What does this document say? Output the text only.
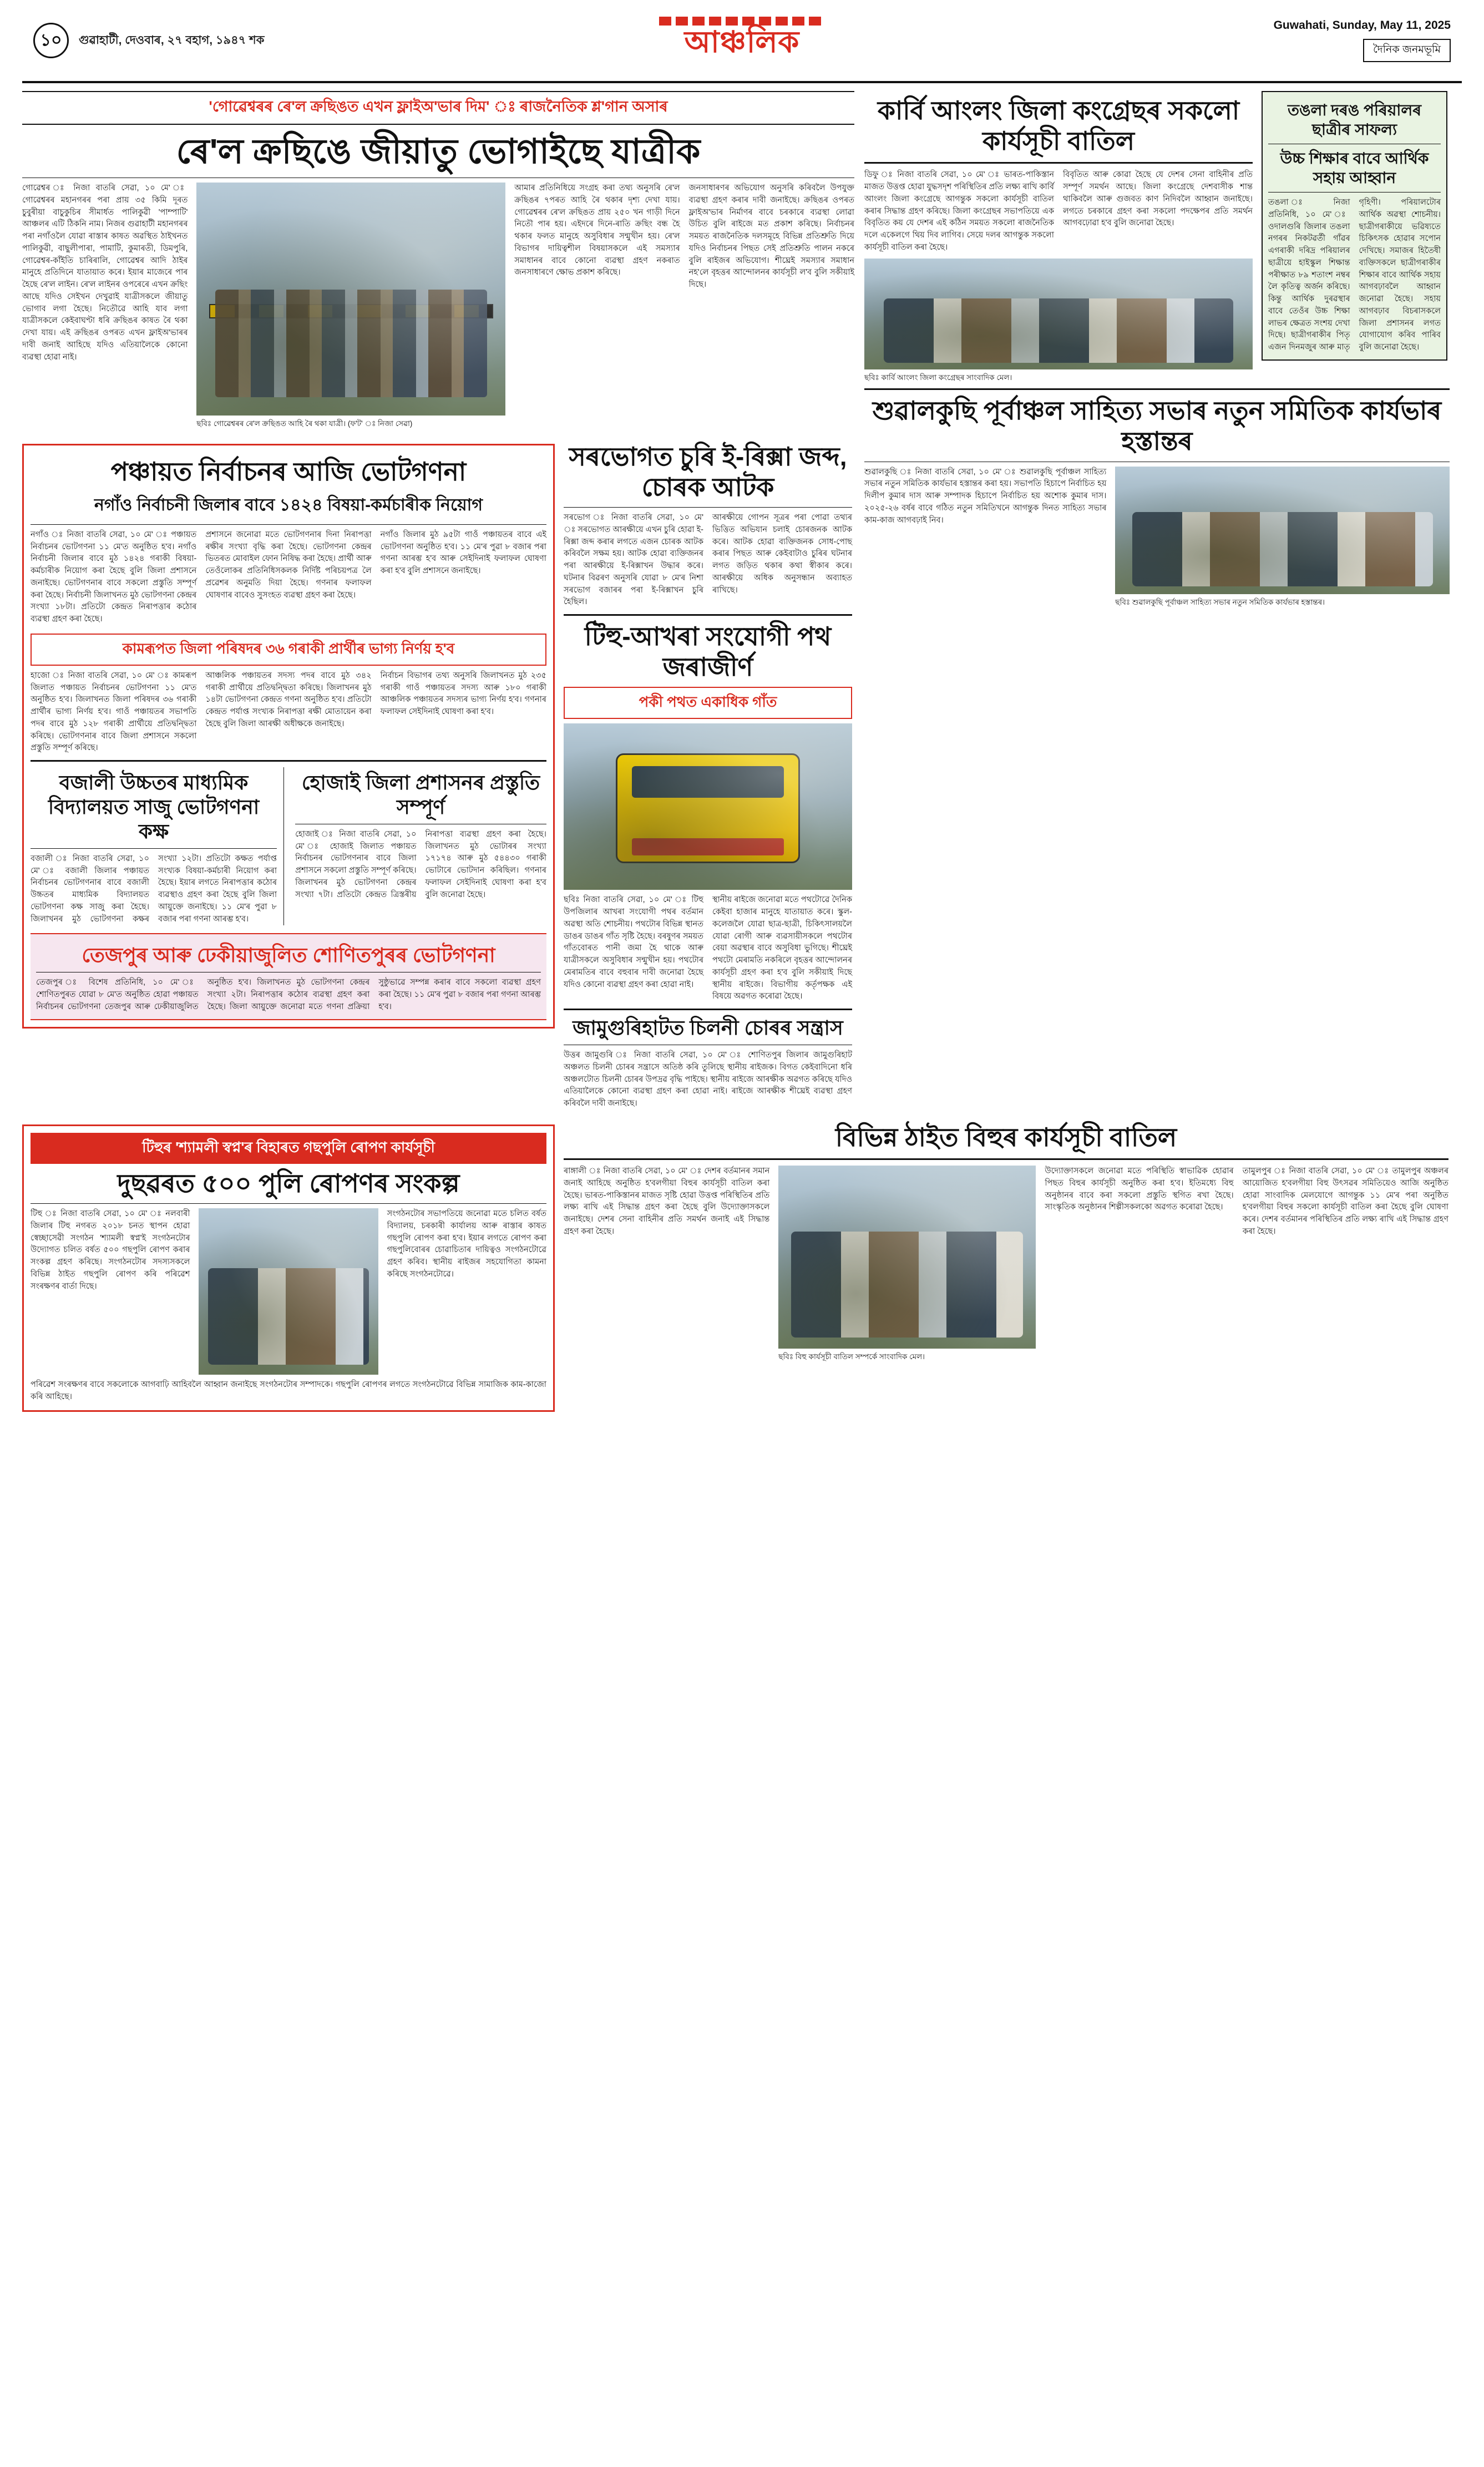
১০	গুৱাহাটী, দেওবাৰ, ২৭ বহাগ, ১৯৪৭ শক	আঞ্চলিক
Guwahati, Sunday, May 11, 2025
দৈনিক জনমভূমি
'গোৱেশ্বৰৰ ৰে'ল ক্ৰছিঙত এখন ফ্লাইঅ'ভাৰ দিম' ঃ ৰাজনৈতিক শ্ল'গান অসাৰ
ৰে'ল ক্ৰছিঙে জীয়াতু ভোগাইছে যাত্ৰীক
গোৱেশ্বৰ ঃ নিজা বাতৰি সেৱা, ১০ মে' ঃ গোৱেশ্বৰৰ মহানগৰৰ পৰা প্ৰায় ৩৫ কিমি দূৰত চুবুৰীয়া বাচুকুচিৰ সীমাৰ্ধত পালিকুৱী 'পাম্পাটি' আঞ্চলৰ এটি ঠিকনি নাম। নিজৰ গুৱাহাটী মহানগৰৰ পৰা নগাঁওলৈ যোৱা ৰাস্তাৰ কাষত অৱস্থিত ঠাইখনত পালিকুৱী, বাছুলীপাৰা, পামাটি, কুমাৰতী, ডিমপুৰি, গোৱেশ্বৰ-কাঁইতি চাৰিৰালি, গোৱেশ্বৰ আদি ঠাইৰ মানুহে প্ৰতিদিনে যাতায়াত কৰে। ইয়াৰ মাজেৰে পাৰ হৈছে ৰে'ল লাইন। ৰে'ল লাইনৰ ওপৰেৰে এখন ক্ৰছিং আছে যদিও সেইখন দেখুৱাই যাত্ৰীসকলে জীয়াতু ভোগাব লগা হৈছে। নিতৌৱে আহি যাব লগা যাত্ৰীসকলে কেইবাঘণ্টা ধৰি ক্ৰছিঙৰ কাষত ৰৈ থকা দেখা যায়। এই ক্ৰছিঙৰ ওপৰত এখন ফ্লাইঅ'ভাৰৰ দাবী জনাই আহিছে যদিও এতিয়ালৈকে কোনো ব্যৱস্থা হোৱা নাই।
ছবিঃ গোৱেশ্বৰৰ ৰে'ল ক্ৰছিঙত আহি ৰৈ থকা যাত্ৰী। (ফ'ট' ঃ নিজা সেৱা)
আমাৰ প্ৰতিনিধিয়ে সংগ্ৰহ কৰা তথ্য অনুসৰি ৰে'ল ক্ৰছিঙৰ ৭পৰত আহি ৰৈ থকাৰ দৃশ্য দেখা যায়। গোৱেশ্বৰৰ ৰে'ল ক্ৰছিঙত প্ৰায় ২৫০ খন গাড়ী দিনে নিতৌ পাৰ হয়। এইদৰে দিনে-ৰাতি ক্ৰছিং বন্ধ হৈ থকাৰ ফলত মানুহে অসুবিধাৰ সন্মুখীন হয়। ৰে'ল বিভাগৰ দায়িত্বশীল বিষয়াসকলে এই সমস্যাৰ সমাধানৰ বাবে কোনো ব্যৱস্থা গ্ৰহণ নকৰাত জনসাধাৰণে ক্ষোভ প্ৰকাশ কৰিছে।
জনসাধাৰণৰ অভিযোগ অনুসৰি কৰিবলৈ উপযুক্ত ব্যৱস্থা গ্ৰহণ কৰাৰ দাবী জনাইছে। ক্ৰছিঙৰ ওপৰত ফ্লাইঅ'ভাৰ নিৰ্মাণৰ বাবে চৰকাৰে ব্যৱস্থা লোৱা উচিত বুলি ৰাইজে মত প্ৰকাশ কৰিছে। নিৰ্বাচনৰ সময়ত ৰাজনৈতিক দলসমূহে বিভিন্ন প্ৰতিশ্ৰুতি দিয়ে যদিও নিৰ্বাচনৰ পিছত সেই প্ৰতিশ্ৰুতি পালন নকৰে বুলি ৰাইজৰ অভিযোগ। শীঘ্ৰেই সমস্যাৰ সমাধান নহ'লে বৃহত্তৰ আন্দোলনৰ কাৰ্যসূচী ল'ব বুলি সকীয়াই দিছে।
পঞ্চায়ত নিৰ্বাচনৰ আজি ভোটগণনা
নগাঁও নিৰ্বাচনী জিলাৰ বাবে ১৪২৪ বিষয়া-কৰ্মচাৰীক নিয়োগ
নগাঁও ঃ নিজা বাতৰি সেৱা, ১০ মে' ঃ পঞ্চায়ত নিৰ্বাচনৰ ভোটগণনা ১১ মে'ত অনুষ্ঠিত হ'ব। নগাঁও নিৰ্বাচনী জিলাৰ বাবে মুঠ ১৪২৪ গৰাকী বিষয়া-কৰ্মচাৰীক নিয়োগ কৰা হৈছে বুলি জিলা প্ৰশাসনে জনাইছে। ভোটগণনাৰ বাবে সকলো প্ৰস্তুতি সম্পূৰ্ণ কৰা হৈছে। নিৰ্বাচনী জিলাখনত মুঠ ভোটগণনা কেন্দ্ৰৰ সংখ্যা ১৮টা। প্ৰতিটো কেন্দ্ৰত নিৰাপত্তাৰ কঠোৰ ব্যৱস্থা গ্ৰহণ কৰা হৈছে।
প্ৰশাসনে জনোৱা মতে ভোটগণনাৰ দিনা নিৰাপত্তা ৰক্ষীৰ সংখ্যা বৃদ্ধি কৰা হৈছে। ভোটগণনা কেন্দ্ৰৰ ভিতৰত মোবাইল ফোন নিষিদ্ধ কৰা হৈছে। প্ৰাৰ্থী আৰু তেওঁলোকৰ প্ৰতিনিধিসকলক নিৰ্দিষ্ট পৰিচয়পত্ৰ লৈ প্ৰৱেশৰ অনুমতি দিয়া হৈছে। গণনাৰ ফলাফল ঘোষণাৰ বাবেও সুসংহত ব্যৱস্থা গ্ৰহণ কৰা হৈছে।
নগাঁও জিলাৰ মুঠ ৯৫টা গাওঁ পঞ্চায়তৰ বাবে এই ভোটগণনা অনুষ্ঠিত হ'ব। ১১ মে'ৰ পুৱা ৮ বজাৰ পৰা গণনা আৰম্ভ হ'ব আৰু সেইদিনাই ফলাফল ঘোষণা কৰা হ'ব বুলি প্ৰশাসনে জনাইছে।
কামৰূপত জিলা পৰিষদৰ ৩৬ গৰাকী প্ৰাৰ্থীৰ ভাগ্য নিৰ্ণয় হ'ব
হাজো ঃ নিজা বাতৰি সেৱা, ১০ মে' ঃ কামৰূপ জিলাত পঞ্চায়ত নিৰ্বাচনৰ ভোটগণনা ১১ মে'ত অনুষ্ঠিত হ'ব। জিলাখনত জিলা পৰিষদৰ ৩৬ গৰাকী প্ৰাৰ্থীৰ ভাগ্য নিৰ্ণয় হ'ব। গাওঁ পঞ্চায়তৰ সভাপতি পদৰ বাবে মুঠ ১২৮ গৰাকী প্ৰাৰ্থীয়ে প্ৰতিদ্বন্দ্বিতা কৰিছে। ভোটগণনাৰ বাবে জিলা প্ৰশাসনে সকলো প্ৰস্তুতি সম্পূৰ্ণ কৰিছে।
আঞ্চলিক পঞ্চায়তৰ সদস্য পদৰ বাবে মুঠ ৩৪২ গৰাকী প্ৰাৰ্থীয়ে প্ৰতিদ্বন্দ্বিতা কৰিছে। জিলাখনৰ মুঠ ১৪টা ভোটগণনা কেন্দ্ৰত গণনা অনুষ্ঠিত হ'ব। প্ৰতিটো কেন্দ্ৰত পৰ্যাপ্ত সংখ্যক নিৰাপত্তা ৰক্ষী মোতায়েন কৰা হৈছে বুলি জিলা আৰক্ষী অধীক্ষকে জনাইছে।
নিৰ্বাচন বিভাগৰ তথ্য অনুসৰি জিলাখনত মুঠ ২৩৫ গৰাকী গাওঁ পঞ্চায়তৰ সদস্য আৰু ১৮০ গৰাকী আঞ্চলিক পঞ্চায়তৰ সদস্যৰ ভাগ্য নিৰ্ণয় হ'ব। গণনাৰ ফলাফল সেইদিনাই ঘোষণা কৰা হ'ব।
বজালী উচ্চতৰ মাধ্যমিক বিদ্যালয়ত সাজু ভোটগণনা কক্ষ
বজালী ঃ নিজা বাতৰি সেৱা, ১০ মে' ঃ বজালী জিলাৰ পঞ্চায়ত নিৰ্বাচনৰ ভোটগণনাৰ বাবে বজালী উচ্চতৰ মাধ্যমিক বিদ্যালয়ত ভোটগণনা কক্ষ সাজু কৰা হৈছে। জিলাখনৰ মুঠ ভোটগণনা কক্ষৰ সংখ্যা ১২টা। প্ৰতিটো কক্ষত পৰ্যাপ্ত সংখ্যক বিষয়া-কৰ্মচাৰী নিয়োগ কৰা হৈছে। ইয়াৰ লগতে নিৰাপত্তাৰ কঠোৰ ব্যৱস্থাও গ্ৰহণ কৰা হৈছে বুলি জিলা আয়ুক্তে জনাইছে। ১১ মে'ৰ পুৱা ৮ বজাৰ পৰা গণনা আৰম্ভ হ'ব।
হোজাই জিলা প্ৰশাসনৰ প্ৰস্তুতি সম্পূৰ্ণ
হোজাই ঃ নিজা বাতৰি সেৱা, ১০ মে' ঃ হোজাই জিলাত পঞ্চায়ত নিৰ্বাচনৰ ভোটগণনাৰ বাবে জিলা প্ৰশাসনে সকলো প্ৰস্তুতি সম্পূৰ্ণ কৰিছে। জিলাখনৰ মুঠ ভোটগণনা কেন্দ্ৰৰ সংখ্যা ৭টা। প্ৰতিটো কেন্দ্ৰত ত্ৰিস্তৰীয় নিৰাপত্তা ব্যৱস্থা গ্ৰহণ কৰা হৈছে। জিলাখনত মুঠ ভোটাৰৰ সংখ্যা ১৭১৭৪ আৰু মুঠ ৫৪৪৩০ গৰাকী ভোটাৰে ভোটদান কৰিছিল। গণনাৰ ফলাফল সেইদিনাই ঘোষণা কৰা হ'ব বুলি জনোৱা হৈছে।
তেজপুৰ আৰু ঢেকীয়াজুলিত শোণিতপুৰৰ ভোটগণনা
তেজপুৰ ঃ বিশেষ প্ৰতিনিধি, ১০ মে' ঃ শোণিতপুৰত যোৱা ৮ মে'ত অনুষ্ঠিত হোৱা পঞ্চায়ত নিৰ্বাচনৰ ভোটগণনা তেজপুৰ আৰু ঢেকীয়াজুলিত অনুষ্ঠিত হ'ব। জিলাখনত মুঠ ভোটগণনা কেন্দ্ৰৰ সংখ্যা ২টা। নিৰাপত্তাৰ কঠোৰ ব্যৱস্থা গ্ৰহণ কৰা হৈছে। জিলা আয়ুক্তে জনোৱা মতে গণনা প্ৰক্ৰিয়া সুষ্ঠুভাৱে সম্পন্ন কৰাৰ বাবে সকলো ব্যৱস্থা গ্ৰহণ কৰা হৈছে। ১১ মে'ৰ পুৱা ৮ বজাৰ পৰা গণনা আৰম্ভ হ'ব।
সৰভোগত চুৰি ই-ৰিক্সা জব্দ, চোৰক আটক
সৰভোগ ঃ নিজা বাতৰি সেৱা, ১০ মে' ঃ সৰভোগত আৰক্ষীয়ে এখন চুৰি হোৱা ই-ৰিক্সা জব্দ কৰাৰ লগতে এজন চোৰক আটক কৰিবলৈ সক্ষম হয়। আটক হোৱা ব্যক্তিজনৰ পৰা আৰক্ষীয়ে ই-ৰিক্সাখন উদ্ধাৰ কৰে। ঘটনাৰ বিৱৰণ অনুসৰি যোৱা ৮ মে'ৰ নিশা সৰভোগ বজাৰৰ পৰা ই-ৰিক্সাখন চুৰি হৈছিল।
আৰক্ষীয়ে গোপন সূত্ৰৰ পৰা পোৱা তথ্যৰ ভিত্তিত অভিযান চলাই চোৰজনক আটক কৰে। আটক হোৱা ব্যক্তিজনক সোধ-পোছ কৰাৰ পিছত আৰু কেইবাটাও চুৰিৰ ঘটনাৰ লগত জড়িত থকাৰ কথা স্বীকাৰ কৰে। আৰক্ষীয়ে অধিক অনুসন্ধান অব্যাহত ৰাখিছে।
টিহু-আখৰা সংযোগী পথ জৰাজীৰ্ণ
পকী পথত একাধিক গাঁত
ছবিঃ নিজা বাতৰি সেৱা, ১০ মে' ঃ টিহু উপজিলাৰ আখৰা সংযোগী পথৰ বৰ্তমান অৱস্থা অতি শোচনীয়। পথটোৰ বিভিন্ন স্থানত ডাঙৰ ডাঙৰ গাঁত সৃষ্টি হৈছে। বৰষুণৰ সময়ত গাঁতবোৰত পানী জমা হৈ থাকে আৰু যাত্ৰীসকলে অসুবিধাৰ সন্মুখীন হয়। পথটোৰ মেৰামতিৰ বাবে বহুবাৰ দাবী জনোৱা হৈছে যদিও কোনো ব্যৱস্থা গ্ৰহণ কৰা হোৱা নাই।
স্থানীয় ৰাইজে জনোৱা মতে পথটোৱে দৈনিক কেইবা হাজাৰ মানুহে যাতায়াত কৰে। স্কুল-কলেজলৈ যোৱা ছাত্ৰ-ছাত্ৰী, চিকিৎসালয়লৈ যোৱা ৰোগী আৰু ব্যৱসায়ীসকলে পথটোৰ বেয়া অৱস্থাৰ বাবে অসুবিধা ভুগিছে। শীঘ্ৰেই পথটো মেৰামতি নকৰিলে বৃহত্তৰ আন্দোলনৰ কাৰ্যসূচী গ্ৰহণ কৰা হ'ব বুলি সকীয়াই দিছে স্থানীয় ৰাইজে। বিভাগীয় কৰ্তৃপক্ষক এই বিষয়ে অৱগত কৰোৱা হৈছে।
জামুগুৰিহাটত চিলনী চোৰৰ সন্ত্ৰাস
উত্তৰ জামুগুৰি ঃ নিজা বাতৰি সেৱা, ১০ মে' ঃ শোণিতপুৰ জিলাৰ জামুগুৰিহাট অঞ্চলত চিলনী চোৰৰ সন্ত্ৰাসে অতিষ্ঠ কৰি তুলিছে স্থানীয় ৰাইজক। বিগত কেইবাদিনো ধৰি অঞ্চলটোত চিলনী চোৰৰ উপদ্ৰৱ বৃদ্ধি পাইছে। স্থানীয় ৰাইজে আৰক্ষীক অৱগত কৰিছে যদিও এতিয়ালৈকে কোনো ব্যৱস্থা গ্ৰহণ কৰা হোৱা নাই। ৰাইজে আৰক্ষীক শীঘ্ৰেই ব্যৱস্থা গ্ৰহণ কৰিবলৈ দাবী জনাইছে।
কাৰ্বি আংলং জিলা কংগ্ৰেছৰ সকলো কাৰ্যসূচী বাতিল
ডিফু ঃ নিজা বাতৰি সেৱা, ১০ মে' ঃ ভাৰত-পাকিস্তান মাজত উত্তপ্ত হোৱা যুদ্ধসদৃশ পৰিস্থিতিৰ প্ৰতি লক্ষ্য ৰাখি কাৰ্বি আংলং জিলা কংগ্ৰেছে আগন্তুক সকলো কাৰ্যসূচী বাতিল কৰাৰ সিদ্ধান্ত গ্ৰহণ কৰিছে। জিলা কংগ্ৰেছৰ সভাপতিয়ে এক বিবৃতিত কয় যে দেশৰ এই কঠিন সময়ত সকলো ৰাজনৈতিক দলে একেলগে থিয় দিব লাগিব। সেয়ে দলৰ আগন্তুক সকলো কাৰ্যসূচী বাতিল কৰা হৈছে।
বিবৃতিত আৰু কোৱা হৈছে যে দেশৰ সেনা বাহিনীৰ প্ৰতি সম্পূৰ্ণ সমৰ্থন আছে। জিলা কংগ্ৰেছে দেশবাসীক শান্ত থাকিবলৈ আৰু গুজবত কাণ নিদিবলৈ আহ্বান জনাইছে। লগতে চৰকাৰে গ্ৰহণ কৰা সকলো পদক্ষেপৰ প্ৰতি সমৰ্থন আগবঢ়োৱা হ'ব বুলি জনোৱা হৈছে।
ছবিঃ কাৰ্বি আংলং জিলা কংগ্ৰেছৰ সাংবাদিক মেল।
তঙলা দৰঙ পৰিয়ালৰ ছাত্ৰীৰ সাফল্য
উচ্চ শিক্ষাৰ বাবে আৰ্থিক সহায় আহ্বান
তঙলা ঃ নিজা প্ৰতিনিধি, ১০ মে' ঃ ওদালগুৰি জিলাৰ তঙলা নগৰৰ নিকটৱৰ্তী গাঁৱৰ এগৰাকী দৰিদ্ৰ পৰিয়ালৰ ছাত্ৰীয়ে হাইস্কুল শিক্ষান্ত পৰীক্ষাত ৮৯ শতাংশ নম্বৰ লৈ কৃতিত্ব অৰ্জন কৰিছে। কিন্তু আৰ্থিক দুৰৱস্থাৰ বাবে তেওঁৰ উচ্চ শিক্ষা লাভৰ ক্ষেত্ৰত সংশয় দেখা দিছে। ছাত্ৰীগৰাকীৰ পিতৃ এজন দিনমজুৰ আৰু মাতৃ গৃহিণী। পৰিয়ালটোৰ আৰ্থিক অৱস্থা শোচনীয়। ছাত্ৰীগৰাকীয়ে ভৱিষ্যতে চিকিৎসক হোৱাৰ সপোন দেখিছে। সমাজৰ হিতৈষী ব্যক্তিসকলে ছাত্ৰীগৰাকীৰ শিক্ষাৰ বাবে আৰ্থিক সহায় আগবঢ়াবলৈ আহ্বান জনোৱা হৈছে। সহায় আগবঢ়াব বিচৰাসকলে জিলা প্ৰশাসনৰ লগত যোগাযোগ কৰিব পাৰিব বুলি জনোৱা হৈছে।
শুৱালকুছি পূৰ্বাঞ্চল সাহিত্য সভাৰ নতুন সমিতিক কাৰ্যভাৰ হস্তান্তৰ
শুৱালকুছি ঃ নিজা বাতৰি সেৱা, ১০ মে' ঃ শুৱালকুছি পূৰ্বাঞ্চল সাহিত্য সভাৰ নতুন সমিতিক কাৰ্যভাৰ হস্তান্তৰ কৰা হয়। সভাপতি হিচাপে নিৰ্বাচিত হয় দিলীপ কুমাৰ দাস আৰু সম্পাদক হিচাপে নিৰ্বাচিত হয় অশোক কুমাৰ দাস। ২০২৫-২৬ বৰ্ষৰ বাবে গঠিত নতুন সমিতিখনে আগন্তুক দিনত সাহিত্য সভাৰ কাম-কাজ আগবঢ়াই নিব।
ছবিঃ শুৱালকুছি পূৰ্বাঞ্চল সাহিত্য সভাৰ নতুন সমিতিক কাৰ্যভাৰ হস্তান্তৰ।
টিহুৰ 'শ্যামলী স্বপ্ন'ৰ বিহাৰত গছপুলি ৰোপণ কাৰ্যসূচী
দুছৱৰত ৫০০ পুলি ৰোপণৰ সংকল্প
টিহু ঃ নিজা বাতৰি সেৱা, ১০ মে' ঃ নলবাৰী জিলাৰ টিহু নগৰত ২০১৮ চনত স্থাপন হোৱা স্বেচ্ছাসেৱী সংগঠন 'শ্যামলী স্বপ্ন'ই সংগঠনটোৰ উদ্যোগত চলিত বৰ্ষত ৫০০ গছপুলি ৰোপণ কৰাৰ সংকল্প গ্ৰহণ কৰিছে। সংগঠনটোৰ সদস্যসকলে বিভিন্ন ঠাইত গছপুলি ৰোপণ কৰি পৰিৱেশ সংৰক্ষণৰ বাৰ্তা দিছে।
সংগঠনটোৰ সভাপতিয়ে জনোৱা মতে চলিত বৰ্ষত বিদ্যালয়, চৰকাৰী কাৰ্যালয় আৰু ৰাস্তাৰ কাষত গছপুলি ৰোপণ কৰা হ'ব। ইয়াৰ লগতে ৰোপণ কৰা গছপুলিবোৰৰ চোৱাচিতাৰ দায়িত্বও সংগঠনটোৱে গ্ৰহণ কৰিব। স্থানীয় ৰাইজৰ সহযোগিতা কামনা কৰিছে সংগঠনটোৱে।
পৰিৱেশ সংৰক্ষণৰ বাবে সকলোকে আগবাঢ়ি আহিবলৈ আহ্বান জনাইছে সংগঠনটোৰ সম্পাদকে। গছপুলি ৰোপণৰ লগতে সংগঠনটোৱে বিভিন্ন সামাজিক কাম-কাজো কৰি আহিছে।
বিভিন্ন ঠাইত বিহুৰ কাৰ্যসূচী বাতিল
ৰাঙ্গালী ঃ নিজা বাতৰি সেৱা, ১০ মে' ঃ দেশৰ বৰ্তমানৰ সমান জনাই আহিছে অনুষ্ঠিত হ'বলগীয়া বিহুৰ কাৰ্যসূচী বাতিল কৰা হৈছে। ভাৰত-পাকিস্তানৰ মাজত সৃষ্টি হোৱা উত্তপ্ত পৰিস্থিতিৰ প্ৰতি লক্ষ্য ৰাখি এই সিদ্ধান্ত গ্ৰহণ কৰা হৈছে বুলি উদ্যোক্তাসকলে জনাইছে। দেশৰ সেনা বাহিনীৰ প্ৰতি সমৰ্থন জনাই এই সিদ্ধান্ত গ্ৰহণ কৰা হৈছে।
ছবিঃ বিহু কাৰ্যসূচী বাতিল সম্পৰ্কে সাংবাদিক মেল।
উদ্যোক্তাসকলে জনোৱা মতে পৰিস্থিতি স্বাভাৱিক হোৱাৰ পিছত বিহুৰ কাৰ্যসূচী অনুষ্ঠিত কৰা হ'ব। ইতিমধ্যে বিহু অনুষ্ঠানৰ বাবে কৰা সকলো প্ৰস্তুতি স্থগিত ৰখা হৈছে। সাংস্কৃতিক অনুষ্ঠানৰ শিল্পীসকলকো অৱগত কৰোৱা হৈছে।
তামুলপুৰ ঃ নিজা বাতৰি সেৱা, ১০ মে' ঃ তামুলপুৰ অঞ্চলৰ আয়োজিত হ'বলগীয়া বিহু উৎসৱৰ সমিতিয়েও আজি অনুষ্ঠিত হোৱা সাংবাদিক মেলযোগে আগন্তুক ১১ মে'ৰ পৰা অনুষ্ঠিত হ'বলগীয়া বিহুৰ সকলো কাৰ্যসূচী বাতিল কৰা হৈছে বুলি ঘোষণা কৰে। দেশৰ বৰ্তমানৰ পৰিস্থিতিৰ প্ৰতি লক্ষ্য ৰাখি এই সিদ্ধান্ত গ্ৰহণ কৰা হৈছে।
